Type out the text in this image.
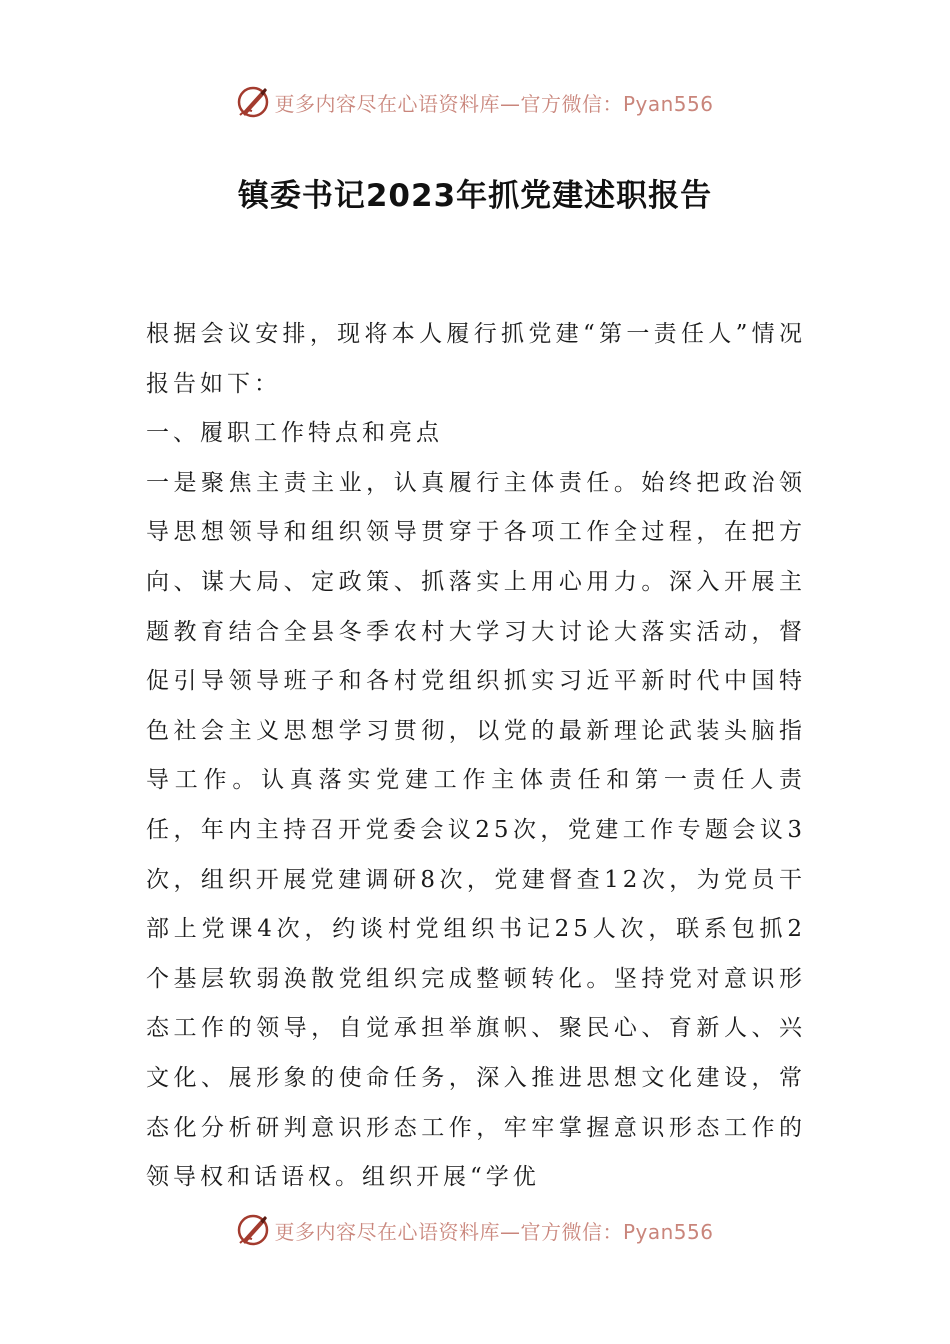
更多内容尽在心语资料库—官方微信：Pyan556
镇委书记2023年抓党建述职报告

根据会议安排，现将本人履行抓党建“第一责任人”情况报告如下：

一、履职工作特点和亮点

一是聚焦主责主业，认真履行主体责任。始终把政治领导思想领导和组织领导贯穿于各项工作全过程，在把方向、谋大局、定政策、抓落实上用心用力。深入开展主题教育结合全县冬季农村大学习大讨论大落实活动，督促引导领导班子和各村党组织抓实习近平新时代中国特色社会主义思想学习贯彻，以党的最新理论武装头脑指导工作。认真落实党建工作主体责任和第一责任人责任，年内主持召开党委会议25次，党建工作专题会议3次，组织开展党建调研8次，党建督查12次，为党员干部上党课4次，约谈村党组织书记25人次，联系包抓2个基层软弱涣散党组织完成整顿转化。坚持党对意识形态工作的领导，自觉承担举旗帜、聚民心、育新人、兴文化、展形象的使命任务，深入推进思想文化建设，常态化分析研判意识形态工作，牢牢掌握意识形态工作的领导权和话语权。组织开展“学优

更多内容尽在心语资料库—官方微信：Pyan556
